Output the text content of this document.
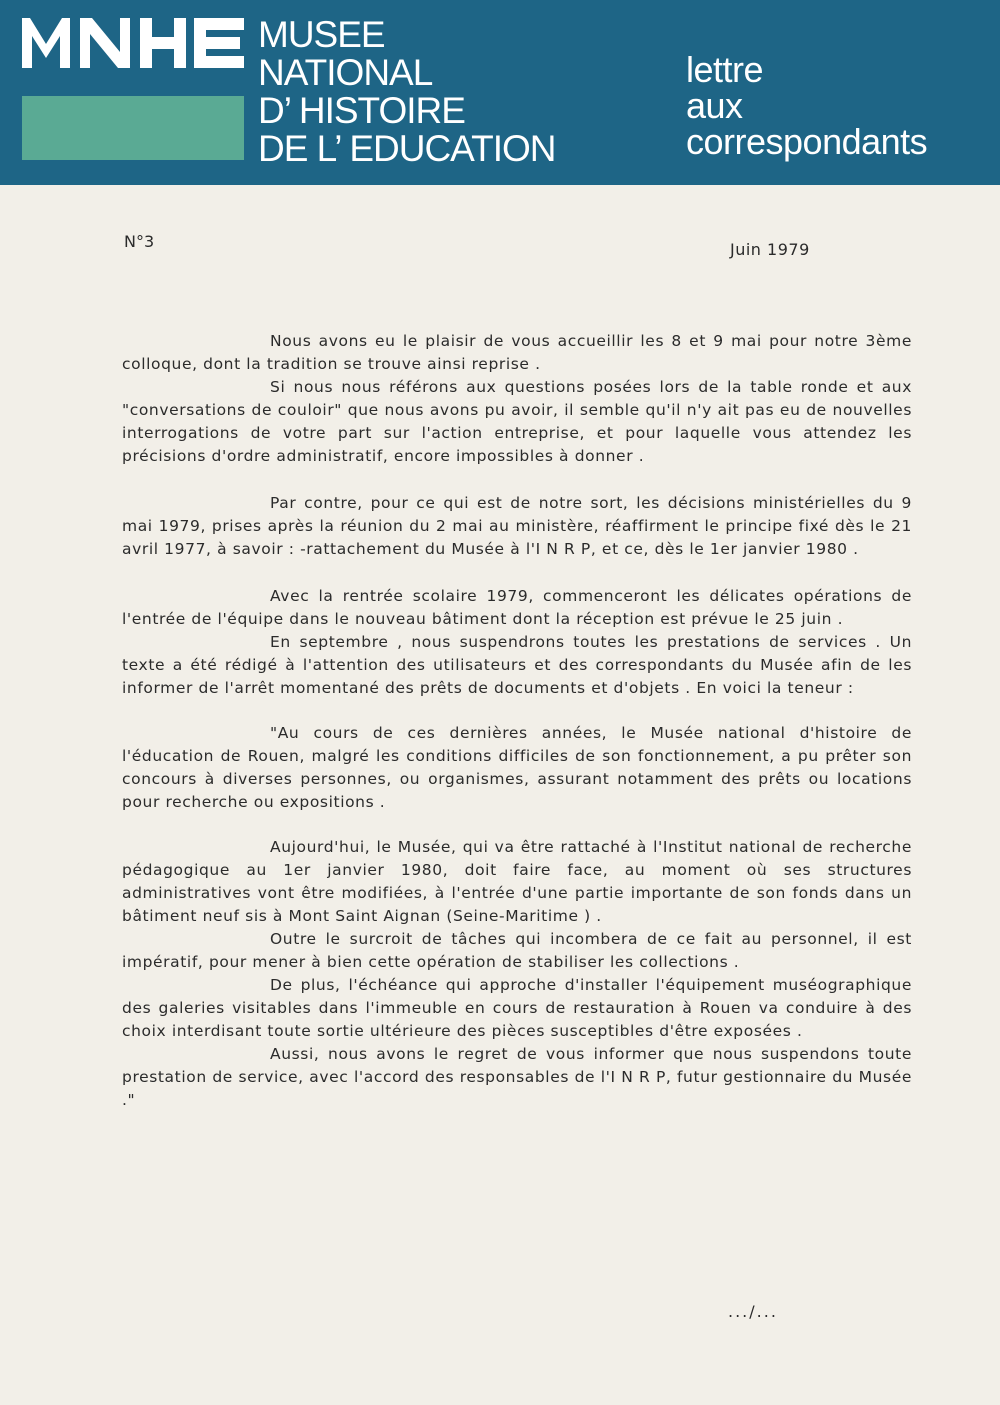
MUSEE
NATIONAL
D’ HISTOIRE
DE L’ EDUCATION
lettre
aux
correspondants
N°3	Juin 1979

Nous avons eu le plaisir de vous accueillir les 8 et 9 mai pour notre 3ème colloque, dont la tradition se trouve ainsi reprise .

Si nous nous référons aux questions posées lors de la table ronde et aux "conversations de couloir" que nous avons pu avoir, il semble qu'il n'y ait pas eu de nouvelles interrogations de votre part sur l'action entreprise, et pour laquelle vous attendez les précisions d'ordre administratif, encore impossibles à donner .

Par contre, pour ce qui est de notre sort, les décisions ministérielles du 9 mai 1979, prises après la réunion du 2 mai au ministère, réaffirment le principe fixé dès le 21 avril 1977, à savoir : -rattachement du Musée à l'I N R P, et ce, dès le 1er janvier 1980 .

Avec la rentrée scolaire 1979, commenceront les délicates opérations de l'entrée de l'équipe dans le nouveau bâtiment dont la réception est prévue le 25 juin .

En septembre , nous suspendrons toutes les prestations de services . Un texte a été rédigé à l'attention des utilisateurs et des correspondants du Musée afin de les informer de l'arrêt momentané des prêts de documents et d'objets . En voici la teneur :

"Au cours de ces dernières années, le Musée national d'histoire de l'éducation de Rouen, malgré les conditions difficiles de son fonctionnement, a pu prêter son concours à diverses personnes, ou organismes, assurant notamment des prêts ou locations pour recherche ou expositions .

Aujourd'hui, le Musée, qui va être rattaché à l'Institut national de recherche pédagogique au 1er janvier 1980, doit faire face, au moment où ses structures administratives vont être modifiées, à l'entrée d'une partie importante de son fonds dans un bâtiment neuf sis à Mont Saint Aignan (Seine-Maritime ) .

Outre le surcroit de tâches qui incombera de ce fait au personnel, il est impératif, pour mener à bien cette opération de stabiliser les collections .

De plus, l'échéance qui approche d'installer l'équipement muséographique des galeries visitables dans l'immeuble en cours de restauration à Rouen va conduire à des choix interdisant toute sortie ultérieure des pièces susceptibles d'être exposées .

Aussi, nous avons le regret de vous informer que nous suspendons toute prestation de service, avec l'accord des responsables de l'I N R P, futur gestionnaire du Musée ."

.../...
